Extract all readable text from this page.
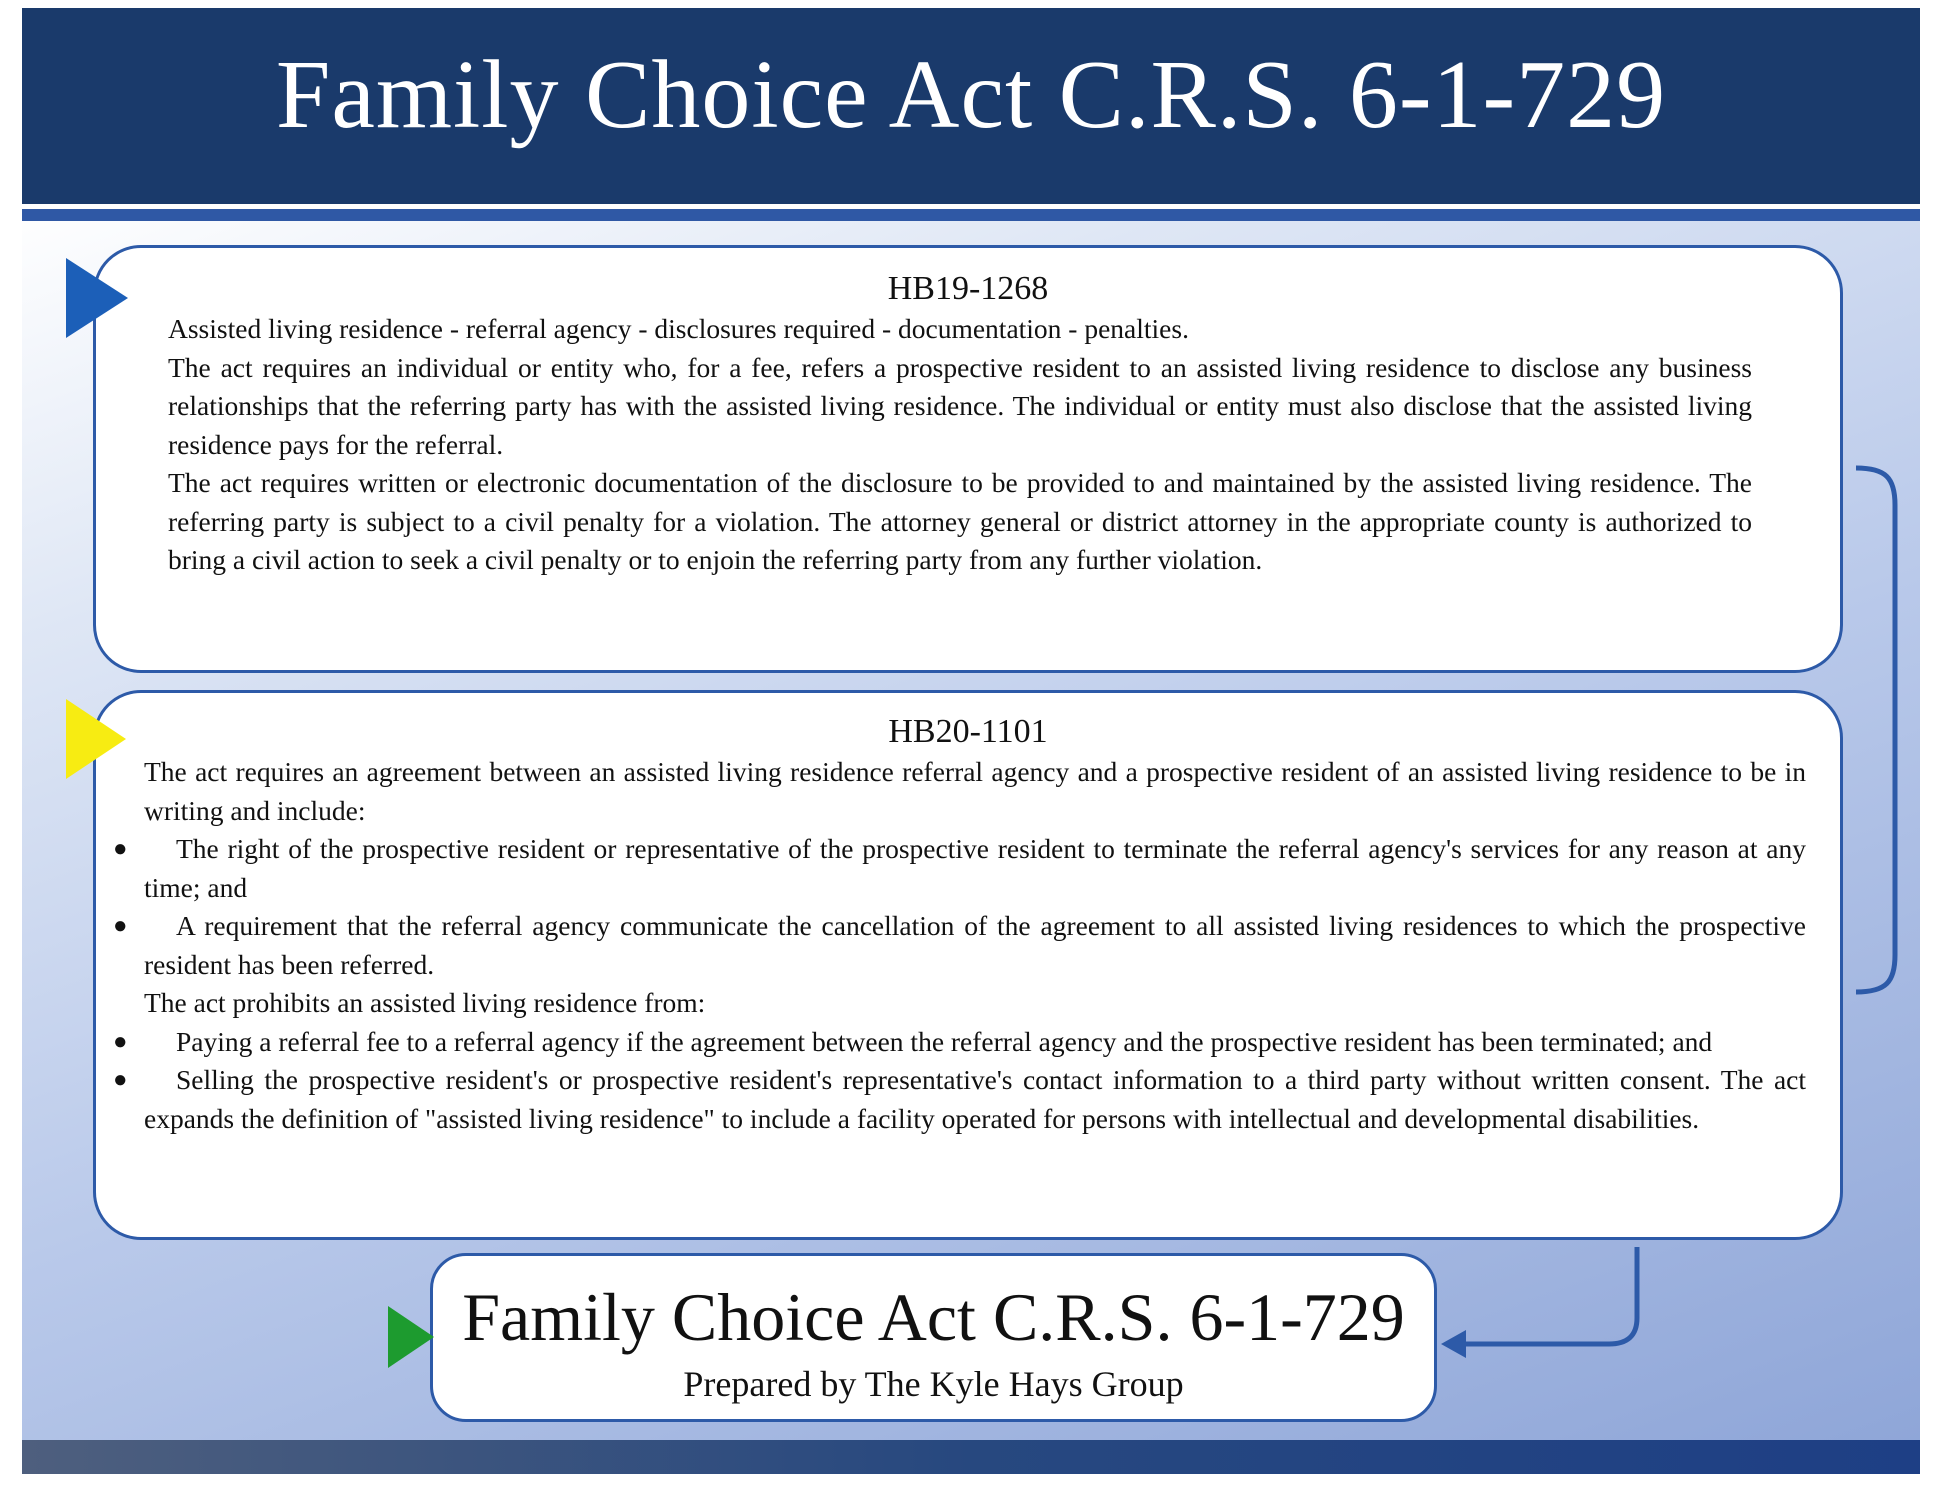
Family Choice Act C.R.S. 6-1-729
HB19-1268

Assisted living residence - referral agency - disclosures required - documentation - penalties.

The act requires an individual or entity who, for a fee, refers a prospective resident to an assisted living residence to disclose any business relationships that the referring party has with the assisted living residence. The individual or entity must also disclose that the assisted living residence pays for the referral.

The act requires written or electronic documentation of the disclosure to be provided to and maintained by the assisted living residence. The referring party is subject to a civil penalty for a violation. The attorney general or district attorney in the appropriate county is authorized to bring a civil action to seek a civil penalty or to enjoin the referring party from any further violation.

HB20-1101

The act requires an agreement between an assisted living residence referral agency and a prospective resident of an assisted living residence to be in writing and include:

● The right of the prospective resident or representative of the prospective resident to terminate the referral agency's services for any reason at any time; and

● A requirement that the referral agency communicate the cancellation of the agreement to all assisted living residences to which the prospective resident has been referred.

The act prohibits an assisted living residence from:

● Paying a referral fee to a referral agency if the agreement between the referral agency and the prospective resident has been terminated; and

● Selling the prospective resident's or prospective resident's representative's contact information to a third party without written consent. The act expands the definition of "assisted living residence" to include a facility operated for persons with intellectual and developmental disabilities.

Family Choice Act C.R.S. 6-1-729
Prepared by The Kyle Hays Group
